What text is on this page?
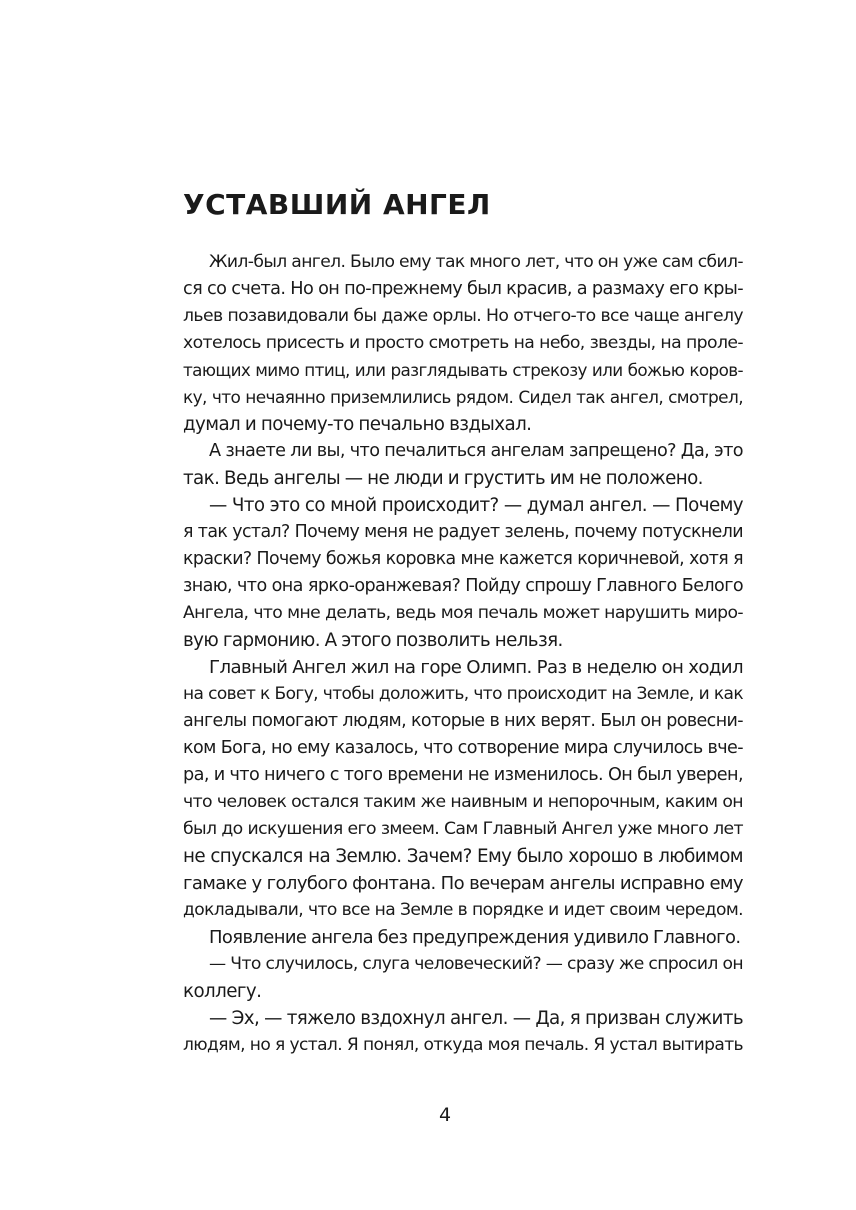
УСТАВШИЙ АНГЕЛ
Жил-был ангел. Было ему так много лет, что он уже сам сбил-
ся со счета. Но он по-прежнему был красив, а размаху его кры-
льев позавидовали бы даже орлы. Но отчего-то все чаще ангелу
хотелось присесть и просто смотреть на небо, звезды, на проле-
тающих мимо птиц, или разглядывать стрекозу или божью коров-
ку, что нечаянно приземлились рядом. Сидел так ангел, смотрел,
думал и почему-то печально вздыхал.
А знаете ли вы, что печалиться ангелам запрещено? Да, это
так. Ведь ангелы — не люди и грустить им не положено.
— Что это со мной происходит? — думал ангел. — Почему
я так устал? Почему меня не радует зелень, почему потускнели
краски? Почему божья коровка мне кажется коричневой, хотя я
знаю, что она ярко-оранжевая? Пойду спрошу Главного Белого
Ангела, что мне делать, ведь моя печаль может нарушить миро-
вую гармонию. А этого позволить нельзя.
Главный Ангел жил на горе Олимп. Раз в неделю он ходил
на совет к Богу, чтобы доложить, что происходит на Земле, и как
ангелы помогают людям, которые в них верят. Был он ровесни-
ком Бога, но ему казалось, что сотворение мира случилось вче-
ра, и что ничего с того времени не изменилось. Он был уверен,
что человек остался таким же наивным и непорочным, каким он
был до искушения его змеем. Сам Главный Ангел уже много лет
не спускался на Землю. Зачем? Ему было хорошо в любимом
гамаке у голубого фонтана. По вечерам ангелы исправно ему
докладывали, что все на Земле в порядке и идет своим чередом.
Появление ангела без предупреждения удивило Главного.
— Что случилось, слуга человеческий? — сразу же спросил он
коллегу.
— Эх, — тяжело вздохнул ангел. — Да, я призван служить
людям, но я устал. Я понял, откуда моя печаль. Я устал вытирать
4
